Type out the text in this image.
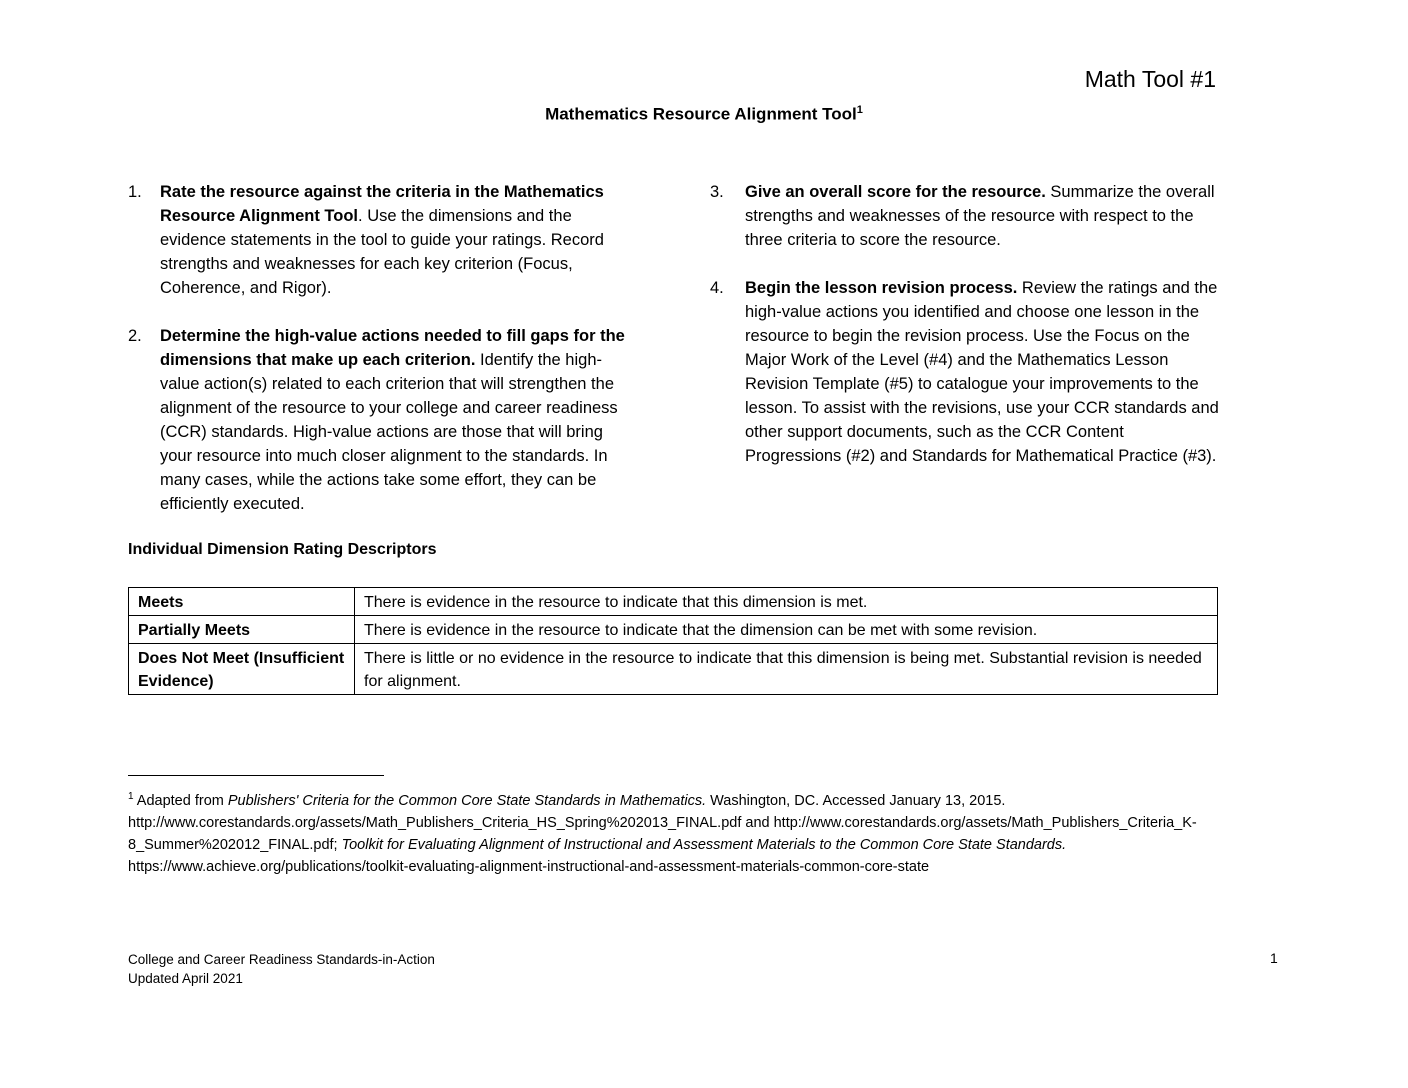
Math Tool #1
Mathematics Resource Alignment Tool$^1$
1. Rate the resource against the criteria in the Mathematics Resource Alignment Tool. Use the dimensions and the evidence statements in the tool to guide your ratings. Record strengths and weaknesses for each key criterion (Focus, Coherence, and Rigor).
2. Determine the high-value actions needed to fill gaps for the dimensions that make up each criterion. Identify the high-value action(s) related to each criterion that will strengthen the alignment of the resource to your college and career readiness (CCR) standards. High-value actions are those that will bring your resource into much closer alignment to the standards. In many cases, while the actions take some effort, they can be efficiently executed.
3. Give an overall score for the resource. Summarize the overall strengths and weaknesses of the resource with respect to the three criteria to score the resource.
4. Begin the lesson revision process. Review the ratings and the high-value actions you identified and choose one lesson in the resource to begin the revision process. Use the Focus on the Major Work of the Level (#4) and the Mathematics Lesson Revision Template (#5) to catalogue your improvements to the lesson. To assist with the revisions, use your CCR standards and other support documents, such as the CCR Content Progressions (#2) and Standards for Mathematical Practice (#3).
Individual Dimension Rating Descriptors
Meets	There is evidence in the resource to indicate that this dimension is met.
Partially Meets	There is evidence in the resource to indicate that the dimension can be met with some revision.
Does Not Meet (Insufficient Evidence)	There is little or no evidence in the resource to indicate that this dimension is being met. Substantial revision is needed for alignment.
$^1$ Adapted from Publishers' Criteria for the Common Core State Standards in Mathematics. Washington, DC. Accessed January 13, 2015. http://www.corestandards.org/assets/Math_Publishers_Criteria_HS_Spring%202013_FINAL.pdf and http://www.corestandards.org/assets/Math_Publishers_Criteria_K-8_Summer%202012_FINAL.pdf; Toolkit for Evaluating Alignment of Instructional and Assessment Materials to the Common Core State Standards. https://www.achieve.org/publications/toolkit-evaluating-alignment-instructional-and-assessment-materials-common-core-state
College and Career Readiness Standards-in-Action
Updated April 2021
1
